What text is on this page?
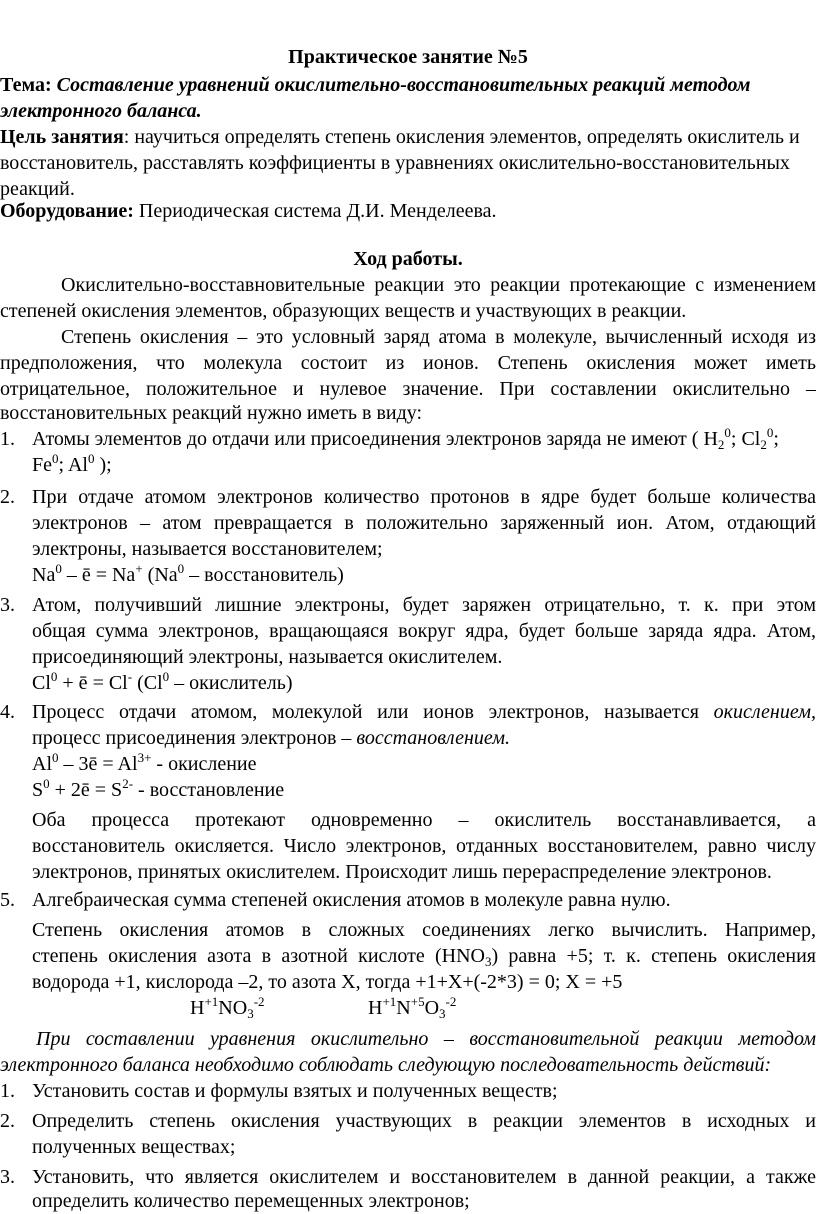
Практическое занятие №5
Тема: Составление уравнений окислительно-восстановительных реакций методом
электронного баланса.
Цель занятия: научиться определять степень окисления элементов, определять окислитель и
восстановитель, расставлять коэффициенты в уравнениях окислительно-восстановительных
реакций.
Оборудование: Периодическая система Д.И. Менделеева.
Ход работы.
Окислительно-восставновительные реакции это реакции протекающие с изменением
степеней окисления элементов, образующих веществ и участвующих в реакции.
Степень окисления – это условный заряд атома в молекуле, вычисленный исходя из
предположения, что молекула состоит из ионов. Степень окисления может иметь
отрицательное, положительное и нулевое значение. При составлении окислительно –
восстановительных реакций нужно иметь в виду:
1. Атомы элементов до отдачи или присоединения электронов заряда не имеют ( $H_2^0$; $Cl_2^0$;
Fe$^0$; Al$^0$ );
2. При отдаче атомом электронов количество протонов в ядре будет больше количества
электронов – атом превращается в положительно заряженный ион. Атом, отдающий
электроны, называется восстановителем;
Na$^0$ – ē = Na+ (Na$^0$ – восстановитель)
3. Атом, получивший лишние электроны, будет заряжен отрицательно, т. к. при этом
общая сумма электронов, вращающаяся вокруг ядра, будет больше заряда ядра. Атом,
присоединяющий электроны, называется окислителем.
$Cl^0$ + ē = Cl- (Cl$^0$ – окислитель)
4. Процесс отдачи атомом, молекулой или ионов электронов, называется окислением,
процесс присоединения электронов – восстановлением.
Al$^0$ – 3ē = $Al^{3+}$ - окисление
$S^0$ + 2ē = $S^{2-}$ - восстановление
Оба процесса протекают одновременно – окислитель восстанавливается, а
восстановитель окисляется. Число электронов, отданных восстановителем, равно числу
электронов, принятых окислителем. Происходит лишь перераспределение электронов.
5. Алгебраическая сумма степеней окисления атомов в молекуле равна нулю.
Степень окисления атомов в сложных соединениях легко вычислить. Например,
степень окисления азота в азотной кислоте $(HNO_3)$ равна +5; т. к. степень окисления
водорода +1, кислорода –2, то азота X, тогда +1+X+(-2*3) = 0; X = +5
$H^{+1}NO_3^{-2}$	$H^{+1}N^{+5}O_3^{-2}$
При составлении уравнения окислительно – восстановительной реакции методом
электронного баланса необходимо соблюдать следующую последовательность действий:
1. Установить состав и формулы взятых и полученных веществ;
2. Определить степень окисления участвующих в реакции элементов в исходных и
полученных веществах;
3. Установить, что является окислителем и восстановителем в данной реакции, а также
определить количество перемещенных электронов;
